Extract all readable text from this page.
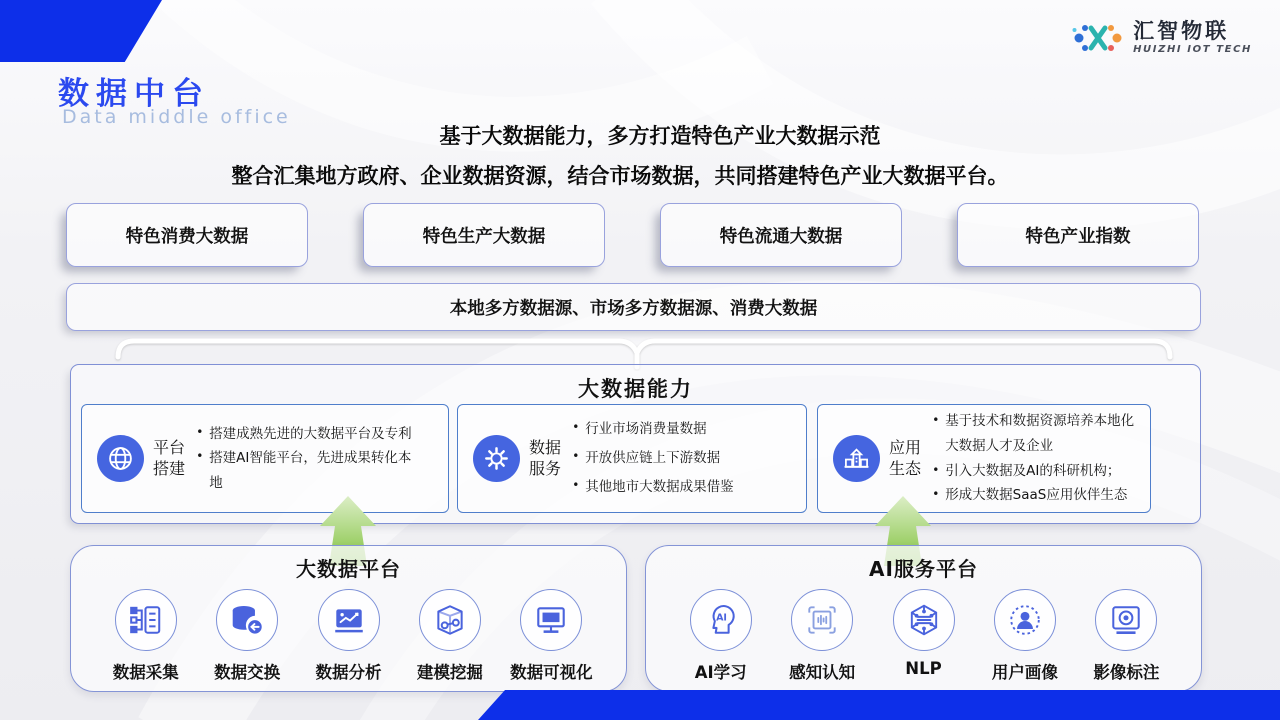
数据中台
Data middle office
汇智物联
HUIZHI IOT TECH
基于大数据能力，多方打造特色产业大数据示范
整合汇集地方政府、企业数据资源，结合市场数据，共同搭建特色产业大数据平台。
特色消费大数据	特色生产大数据	特色流通大数据	特色产业指数
本地多方数据源、市场多方数据源、消费大数据
大数据能力
平台搭建
• 搭建成熟先进的大数据平台及专利
• 搭建AI智能平台，先进成果转化本地
数据服务
• 行业市场消费量数据
• 开放供应链上下游数据
• 其他地市大数据成果借鉴
应用生态
• 基于技术和数据资源培养本地化大数据人才及企业
• 引入大数据及AI的科研机构；
• 形成大数据SaaS应用伙伴生态
大数据平台
数据采集 数据交换 数据分析 建模挖掘 数据可视化
AI服务平台
AI
AI学习	感知认知	NLP	用户画像 影像标注
